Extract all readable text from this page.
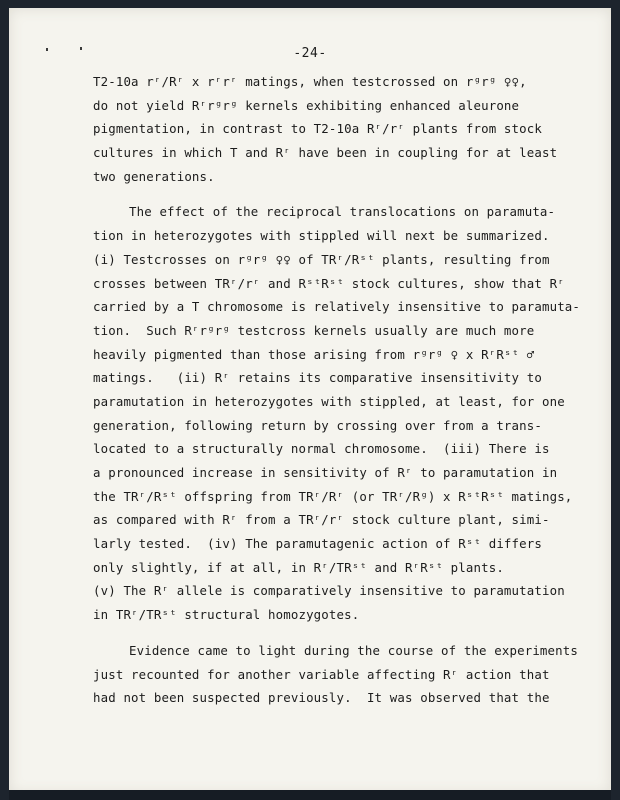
-24-
T2-10a rʳ/Rʳ x rʳrʳ matings, when testcrossed on rᵍrᵍ ♀♀,
do not yield Rʳrᵍrᵍ kernels exhibiting enhanced aleurone
pigmentation, in contrast to T2-10a Rʳ/rʳ plants from stock
cultures in which T and Rʳ have been in coupling for at least
two generations.
The effect of the reciprocal translocations on paramuta-
tion in heterozygotes with stippled will next be summarized.
(i) Testcrosses on rᵍrᵍ ♀♀ of TRʳ/Rˢᵗ plants, resulting from
crosses between TRʳ/rʳ and RˢᵗRˢᵗ stock cultures, show that Rʳ
carried by a T chromosome is relatively insensitive to paramuta-
tion.  Such Rʳrᵍrᵍ testcross kernels usually are much more
heavily pigmented than those arising from rᵍrᵍ ♀ x RʳRˢᵗ ♂
matings.   (ii) Rʳ retains its comparative insensitivity to
paramutation in heterozygotes with stippled, at least, for one
generation, following return by crossing over from a trans-
located to a structurally normal chromosome.  (iii) There is
a pronounced increase in sensitivity of Rʳ to paramutation in
the TRʳ/Rˢᵗ offspring from TRʳ/Rʳ (or TRʳ/Rᵍ) x RˢᵗRˢᵗ matings,
as compared with Rʳ from a TRʳ/rʳ stock culture plant, simi-
larly tested.  (iv) The paramutagenic action of Rˢᵗ differs
only slightly, if at all, in Rʳ/TRˢᵗ and RʳRˢᵗ plants.
(v) The Rʳ allele is comparatively insensitive to paramutation
in TRʳ/TRˢᵗ structural homozygotes.
Evidence came to light during the course of the experiments
just recounted for another variable affecting Rʳ action that
had not been suspected previously.  It was observed that the
